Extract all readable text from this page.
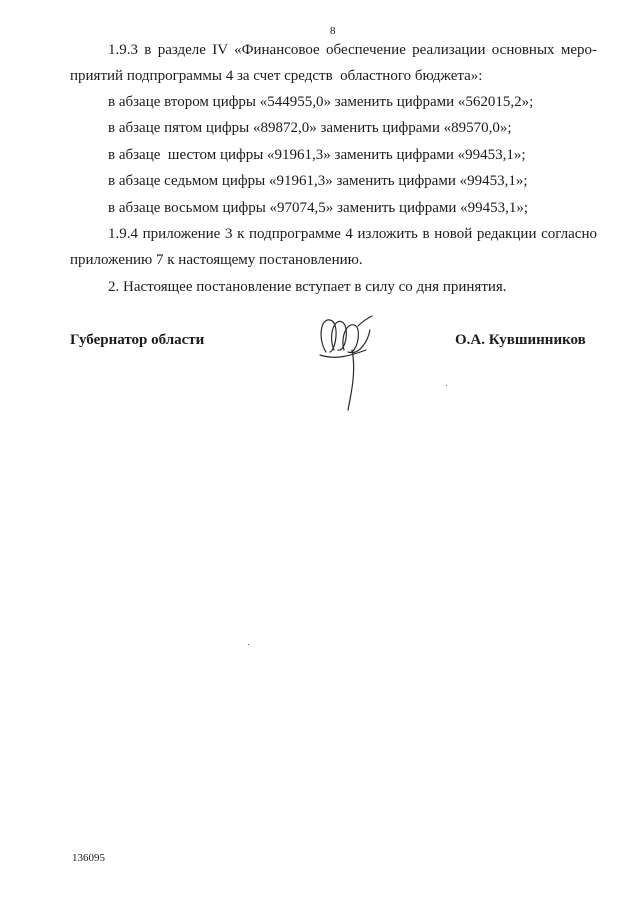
8
1.9.3 в разделе IV «Финансовое обеспечение реализации основных меро-
приятий подпрограммы 4 за счет средств  областного бюджета»:
в абзаце втором цифры «544955,0» заменить цифрами «562015,2»;
в абзаце пятом цифры «89872,0» заменить цифрами «89570,0»;
в абзаце  шестом цифры «91961,3» заменить цифрами «99453,1»;
в абзаце седьмом цифры «91961,3» заменить цифрами «99453,1»;
в абзаце восьмом цифры «97074,5» заменить цифрами «99453,1»;
1.9.4 приложение 3 к подпрограмме 4 изложить в новой редакции согласно
приложению 7 к настоящему постановлению.
2. Настоящее постановление вступает в силу со дня принятия.
Губернатор области	О.А. Кувшинников
136095
